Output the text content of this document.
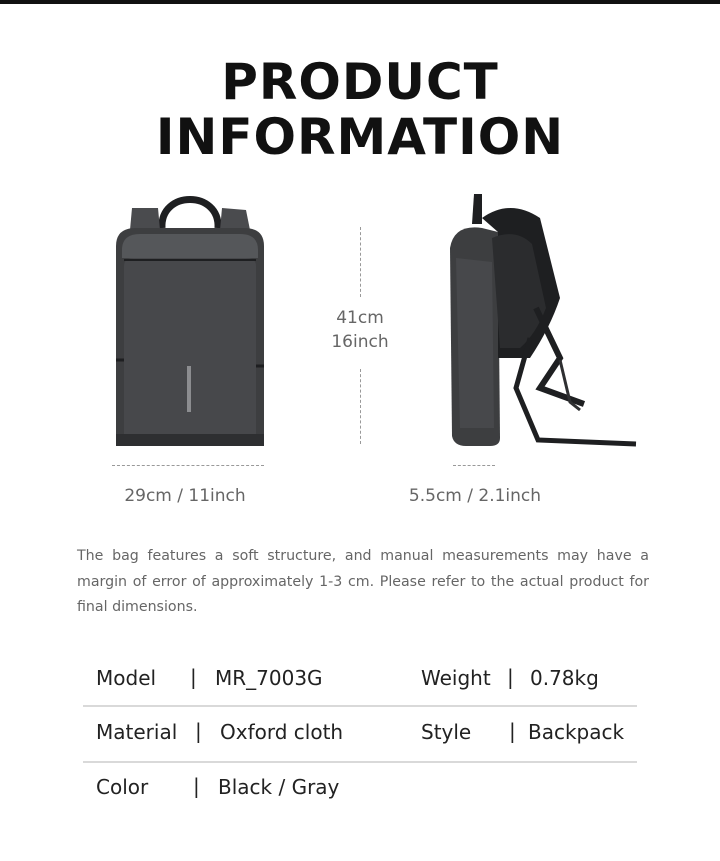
PRODUCT
INFORMATION
41cm
16inch
29cm / 11inch	5.5cm / 2.1inch
The bag features a soft structure, and manual measurements may have a margin of error of approximately 1-3 cm. Please refer to the actual product for final dimensions.
Model | MR_7003G	Weight | 0.78kg
Material | Oxford cloth	Style | Backpack
Color | Black / Gray
